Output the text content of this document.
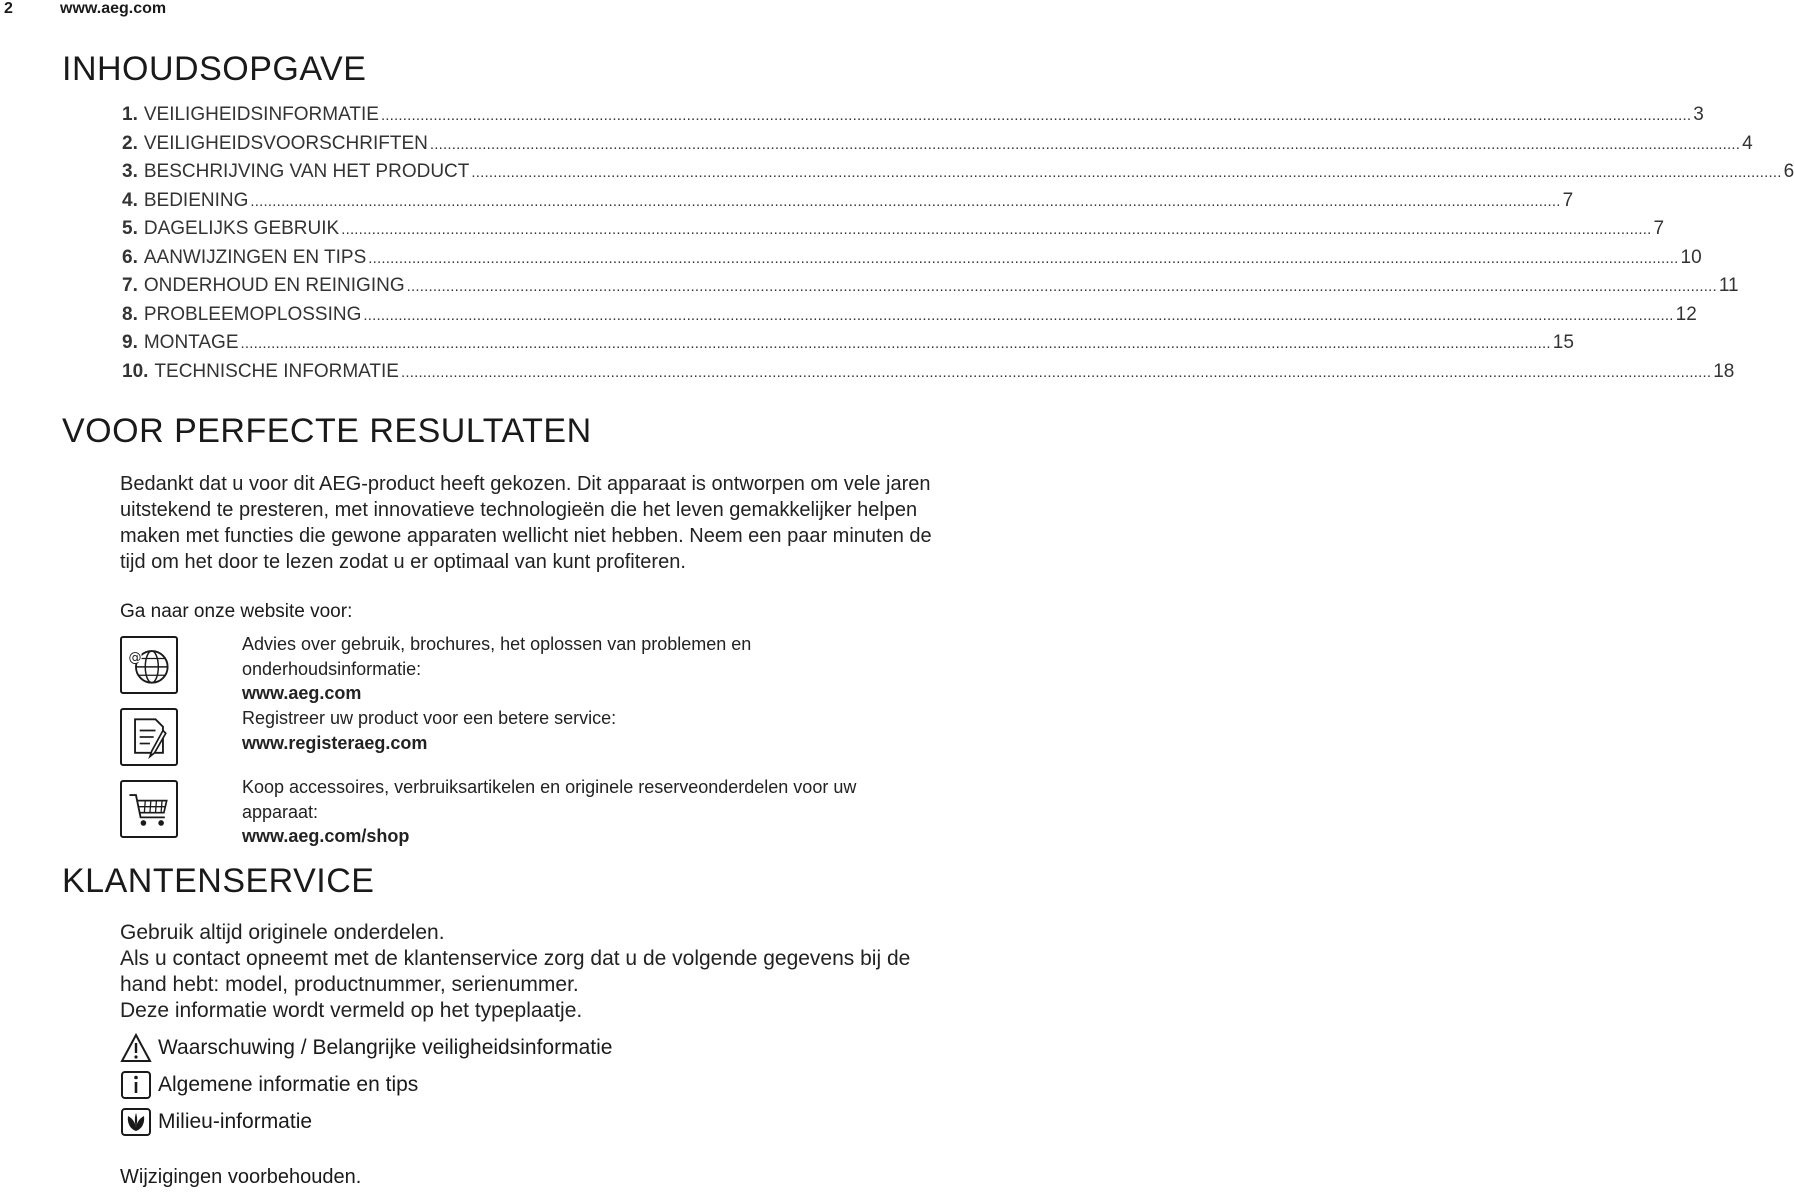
2	www.aeg.com
INHOUDSOPGAVE
1. VEILIGHEIDSINFORMATIE ............................................................................................................................................................................................................................................................................................................ 3
2. VEILIGHEIDSVOORSCHRIFTEN ............................................................................................................................................................................................................................................................................................................ 4
3. BESCHRIJVING VAN HET PRODUCT ............................................................................................................................................................................................................................................................................................................ 6
4. BEDIENING ............................................................................................................................................................................................................................................................................................................ 7
5. DAGELIJKS GEBRUIK ............................................................................................................................................................................................................................................................................................................ 7
6. AANWIJZINGEN EN TIPS ............................................................................................................................................................................................................................................................................................................ 10
7. ONDERHOUD EN REINIGING ............................................................................................................................................................................................................................................................................................................ 11
8. PROBLEEMOPLOSSING ............................................................................................................................................................................................................................................................................................................ 12
9. MONTAGE ............................................................................................................................................................................................................................................................................................................ 15
10. TECHNISCHE INFORMATIE ............................................................................................................................................................................................................................................................................................................ 18
VOOR PERFECTE RESULTATEN

Bedankt dat u voor dit AEG-product heeft gekozen. Dit apparaat is ontworpen om vele jaren uitstekend te presteren, met innovatieve technologieën die het leven gemakkelijker helpen maken met functies die gewone apparaten wellicht niet hebben. Neem een paar minuten de tijd om het door te lezen zodat u er optimaal van kunt profiteren.

Ga naar onze website voor:
@
Advies over gebruik, brochures, het oplossen van problemen en
onderhoudsinformatie:
www.aeg.com
Registreer uw product voor een betere service:
www.registeraeg.com
Koop accessoires, verbruiksartikelen en originele reserveonderdelen voor uw
apparaat:
www.aeg.com/shop
KLANTENSERVICE
Gebruik altijd originele onderdelen.
Als u contact opneemt met de klantenservice zorg dat u de volgende gegevens bij de hand hebt: model, productnummer, serienummer.
Deze informatie wordt vermeld op het typeplaatje.
Waarschuwing / Belangrijke veiligheidsinformatie
Algemene informatie en tips
Milieu-informatie
Wijzigingen voorbehouden.
